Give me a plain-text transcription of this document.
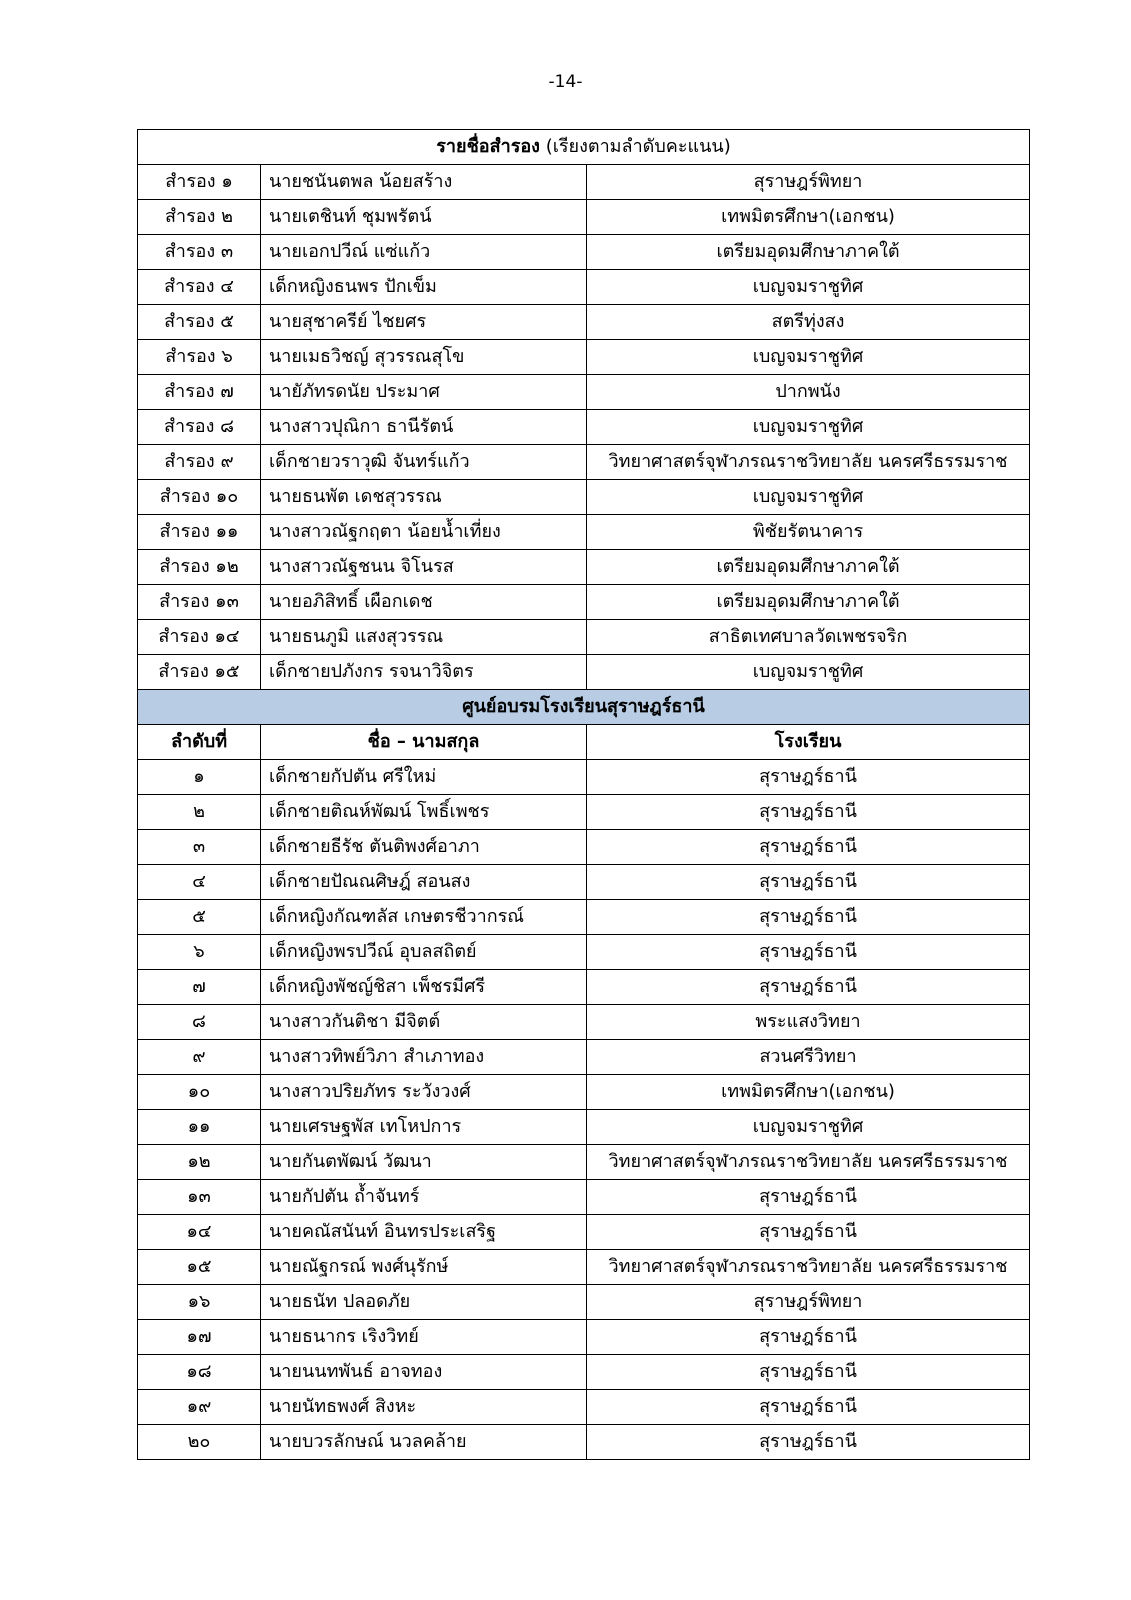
-14-
รายชื่อสำรอง (เรียงตามลำดับคะแนน)		
สำรอง ๑	นายชนันตพล น้อยสร้าง	สุราษฎร์พิทยา
สำรอง ๒	นายเตชินท์ ชุมพรัตน์	เทพมิตรศึกษา(เอกชน)
สำรอง ๓	นายเอกปวีณ์ แซ่แก้ว	เตรียมอุดมศึกษาภาคใต้
สำรอง ๔	เด็กหญิงธนพร ปักเข็ม	เบญจมราชูทิศ
สำรอง ๕	นายสุชาครีย์ ไชยศร	สตรีทุ่งสง
สำรอง ๖	นายเมธวิชญ์ สุวรรณสุโข	เบญจมราชูทิศ
สำรอง ๗	นายัภัทรดนัย ประมาศ	ปากพนัง
สำรอง ๘	นางสาวปุณิกา ธานีรัตน์	เบญจมราชูทิศ
สำรอง ๙	เด็กชายวราวุฒิ จันทร์แก้ว	วิทยาศาสตร์จุฬาภรณราชวิทยาลัย นครศรีธรรมราช
สำรอง ๑๐	นายธนพัต เดชสุวรรณ	เบญจมราชูทิศ
สำรอง ๑๑	นางสาวณัฐกฤตา น้อยน้ำเที่ยง	พิชัยรัตนาคาร
สำรอง ๑๒	นางสาวณัฐชนน จิโนรส	เตรียมอุดมศึกษาภาคใต้
สำรอง ๑๓	นายอภิสิทธิ์ เผือกเดช	เตรียมอุดมศึกษาภาคใต้
สำรอง ๑๔	นายธนภูมิ แสงสุวรรณ	สาธิตเทศบาลวัดเพชรจริก
สำรอง ๑๕	เด็กชายปภังกร รจนาวิจิตร	เบญจมราชูทิศ
ศูนย์อบรมโรงเรียนสุราษฎร์ธานี		
ลำดับที่	ชื่อ – นามสกุล	โรงเรียน
๑	เด็กชายกัปตัน ศรีใหม่	สุราษฎร์ธานี
๒	เด็กชายติณห์พัฒน์ โพธิ์เพชร	สุราษฎร์ธานี
๓	เด็กชายธีรัช ตันติพงศ์อาภา	สุราษฎร์ธานี
๔	เด็กชายปัณณศิษฎ์ สอนสง	สุราษฎร์ธานี
๕	เด็กหญิงกัณฑลัส เกษตรชีวากรณ์	สุราษฎร์ธานี
๖	เด็กหญิงพรปวีณ์ อุบลสถิตย์	สุราษฎร์ธานี
๗	เด็กหญิงพัชญ์ชิสา เพ็ชรมีศรี	สุราษฎร์ธานี
๘	นางสาวกันติชา มีจิตต์	พระแสงวิทยา
๙	นางสาวทิพย์วิภา สำเภาทอง	สวนศรีวิทยา
๑๐	นางสาวปริยภัทร ระวังวงศ์	เทพมิตรศึกษา(เอกชน)
๑๑	นายเศรษฐพัส เทโหปการ	เบญจมราชูทิศ
๑๒	นายกันตพัฒน์ วัฒนา	วิทยาศาสตร์จุฬาภรณราชวิทยาลัย นครศรีธรรมราช
๑๓	นายกัปตัน ถ้ำจันทร์	สุราษฎร์ธานี
๑๔	นายคณัสนันท์ อินทรประเสริฐ	สุราษฎร์ธานี
๑๕	นายณัฐกรณ์ พงศ์นุรักษ์	วิทยาศาสตร์จุฬาภรณราชวิทยาลัย นครศรีธรรมราช
๑๖	นายธนัท ปลอดภัย	สุราษฎร์พิทยา
๑๗	นายธนากร เริงวิทย์	สุราษฎร์ธานี
๑๘	นายนนทพันธ์ อาจทอง	สุราษฎร์ธานี
๑๙	นายนัทธพงศ์ สิงหะ	สุราษฎร์ธานี
๒๐	นายบวรลักษณ์ นวลคล้าย	สุราษฎร์ธานี
